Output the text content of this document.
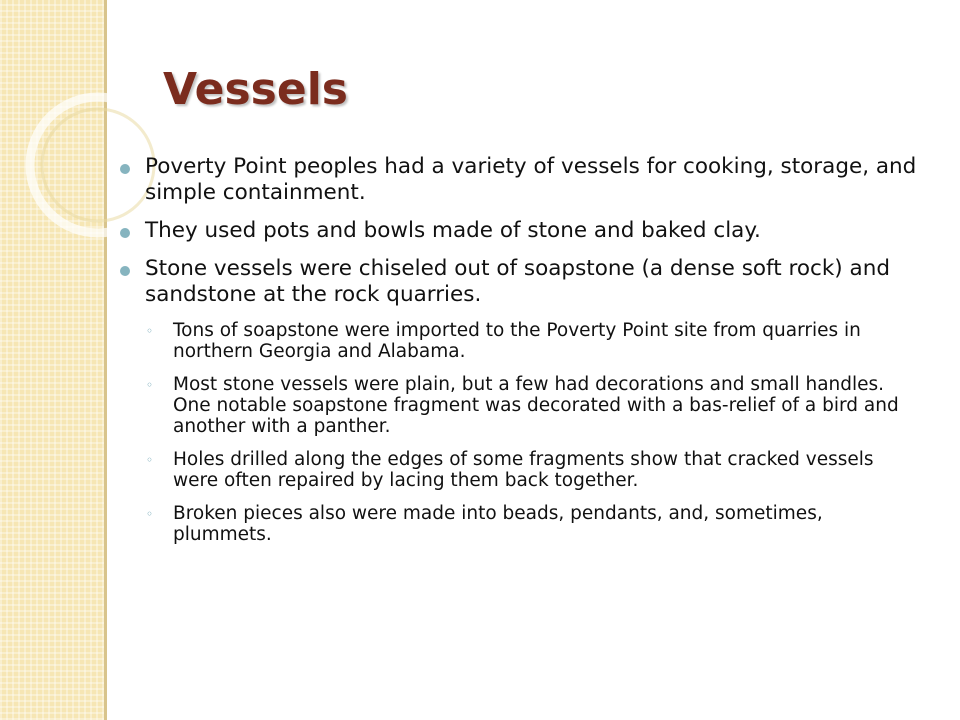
Vessels
Poverty Point peoples had a variety of vessels for cooking, storage, and simple containment.
They used pots and bowls made of stone and baked clay.
Stone vessels were chiseled out of soapstone (a dense soft rock) and sandstone at the rock quarries.
◦ Tons of soapstone were imported to the Poverty Point site from quarries in northern Georgia and Alabama.
◦ Most stone vessels were plain, but a few had decorations and small handles. One notable soapstone fragment was decorated with a bas-relief of a bird and another with a panther.
◦ Holes drilled along the edges of some fragments show that cracked vessels were often repaired by lacing them back together.
◦ Broken pieces also were made into beads, pendants, and, sometimes, plummets.
